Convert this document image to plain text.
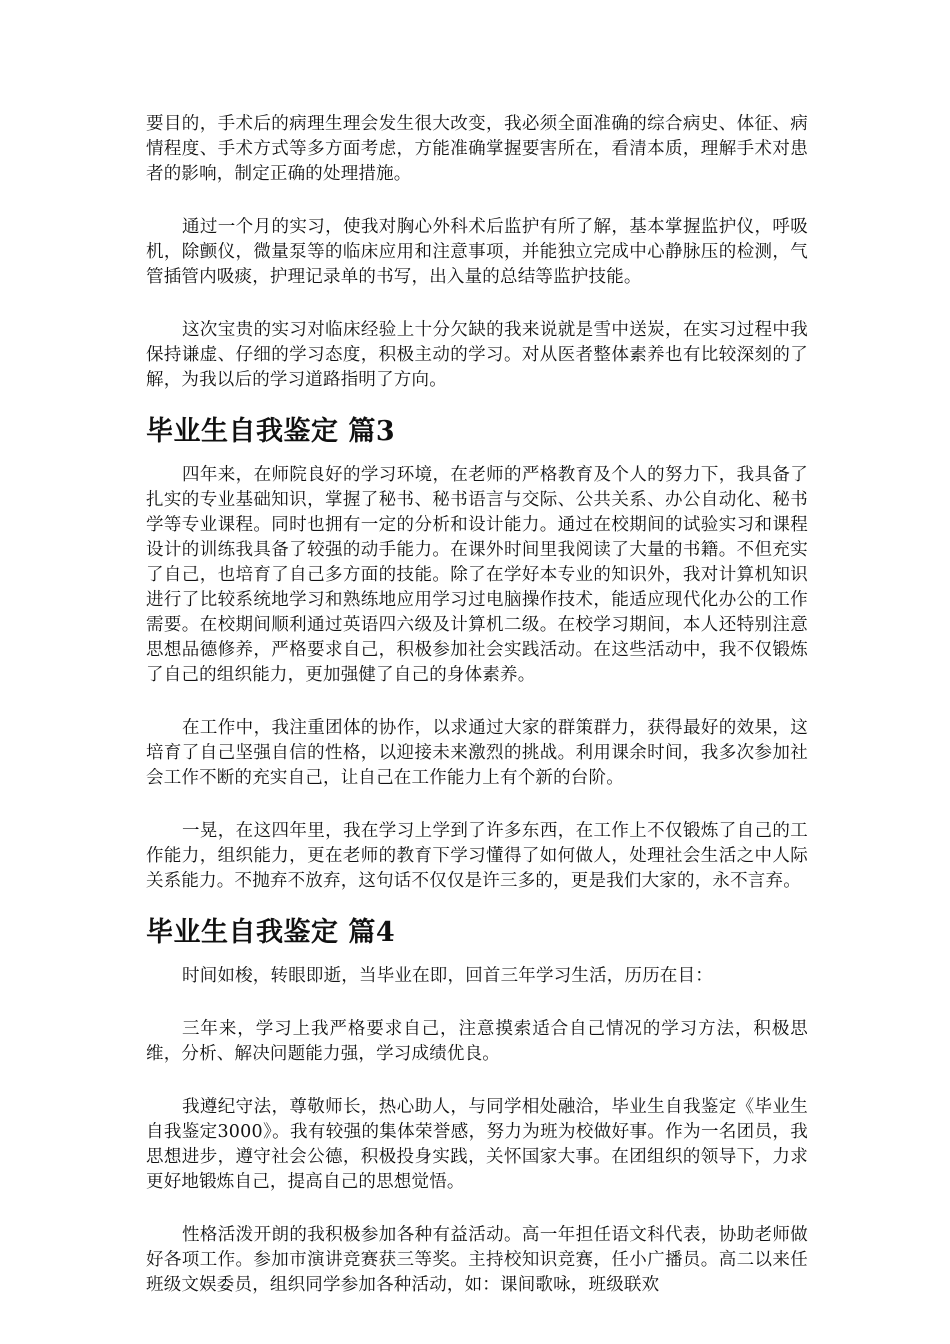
要目的，手术后的病理生理会发生很大改变，我必须全面准确的综合病史、体征、病情程度、手术方式等多方面考虑，方能准确掌握要害所在，看清本质，理解手术对患者的影响，制定正确的处理措施。

通过一个月的实习，使我对胸心外科术后监护有所了解，基本掌握监护仪，呼吸机，除颤仪，微量泵等的临床应用和注意事项，并能独立完成中心静脉压的检测，气管插管内吸痰，护理记录单的书写，出入量的总结等监护技能。

这次宝贵的实习对临床经验上十分欠缺的我来说就是雪中送炭，在实习过程中我保持谦虚、仔细的学习态度，积极主动的学习。对从医者整体素养也有比较深刻的了解，为我以后的学习道路指明了方向。

毕业生自我鉴定 篇3

四年来，在师院良好的学习环境，在老师的严格教育及个人的努力下，我具备了扎实的专业基础知识，掌握了秘书、秘书语言与交际、公共关系、办公自动化、秘书学等专业课程。同时也拥有一定的分析和设计能力。通过在校期间的试验实习和课程设计的训练我具备了较强的动手能力。在课外时间里我阅读了大量的书籍。不但充实了自己，也培育了自己多方面的技能。除了在学好本专业的知识外，我对计算机知识进行了比较系统地学习和熟练地应用学习过电脑操作技术，能适应现代化办公的工作需要。在校期间顺利通过英语四六级及计算机二级。在校学习期间，本人还特别注意思想品德修养，严格要求自己，积极参加社会实践活动。在这些活动中，我不仅锻炼了自己的组织能力，更加强健了自己的身体素养。

在工作中，我注重团体的协作，以求通过大家的群策群力，获得最好的效果，这培育了自己坚强自信的性格，以迎接未来激烈的挑战。利用课余时间，我多次参加社会工作不断的充实自己，让自己在工作能力上有个新的台阶。

一晃，在这四年里，我在学习上学到了许多东西，在工作上不仅锻炼了自己的工作能力，组织能力，更在老师的教育下学习懂得了如何做人，处理社会生活之中人际关系能力。不抛弃不放弃，这句话不仅仅是许三多的，更是我们大家的，永不言弃。

毕业生自我鉴定 篇4

时间如梭，转眼即逝，当毕业在即，回首三年学习生活，历历在目：

三年来，学习上我严格要求自己，注意摸索适合自己情况的学习方法，积极思维，分析、解决问题能力强，学习成绩优良。

我遵纪守法，尊敬师长，热心助人，与同学相处融洽，毕业生自我鉴定《毕业生自我鉴定3000》。我有较强的集体荣誉感，努力为班为校做好事。作为一名团员，我思想进步，遵守社会公德，积极投身实践，关怀国家大事。在团组织的领导下，力求更好地锻炼自己，提高自己的思想觉悟。

性格活泼开朗的我积极参加各种有益活动。高一年担任语文科代表，协助老师做好各项工作。参加市演讲竞赛获三等奖。主持校知识竞赛，任小广播员。高二以来任班级文娱委员，组织同学参加各种活动，如：课间歌咏，班级联欢
